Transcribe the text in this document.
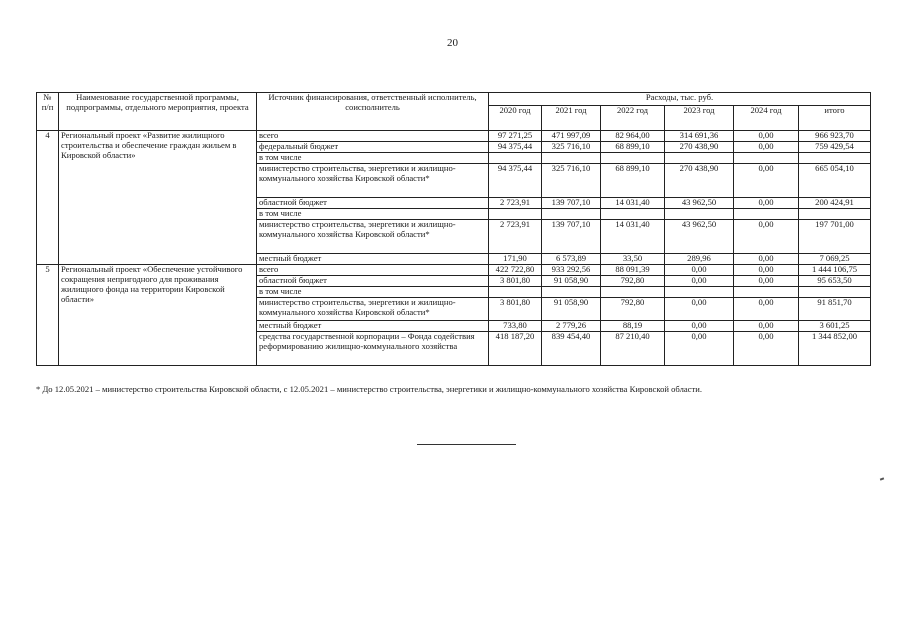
20
№ п/п	Наименование государственной программы, подпрограммы, отдельного мероприятия, проекта	Источник финансирования, ответственный исполнитель, соисполнитель	Расходы, тыс. руб.					
			2020 год	2021 год	2022 год	2023 год	2024 год	итого
4	Региональный проект «Развитие жилищного строительства и обеспечение граждан жильем в Кировской области»	всего	97 271,25	471 997,09	82 964,00	314 691,36	0,00	966 923,70
		федеральный бюджет	94 375,44	325 716,10	68 899,10	270 438,90	0,00	759 429,54
		в том числе						
		министерство строительства, энергетики и жилищно-коммунального хозяйства Кировской области*	94 375,44	325 716,10	68 899,10	270 438,90	0,00	665 054,10
		областной бюджет	2 723,91	139 707,10	14 031,40	43 962,50	0,00	200 424,91
		в том числе						
		министерство строительства, энергетики и жилищно-коммунального хозяйства Кировской области*	2 723,91	139 707,10	14 031,40	43 962,50	0,00	197 701,00
		местный бюджет	171,90	6 573,89	33,50	289,96	0,00	7 069,25
5	Региональный проект «Обеспечение устойчивого сокращения непригодного для проживания жилищного фонда на территории Кировской области»	всего	422 722,80	933 292,56	88 091,39	0,00	0,00	1 444 106,75
		областной бюджет	3 801,80	91 058,90	792,80	0,00	0,00	95 653,50
		в том числе						
		министерство строительства, энергетики и жилищно-коммунального хозяйства Кировской области*	3 801,80	91 058,90	792,80	0,00	0,00	91 851,70
		местный бюджет	733,80	2 779,26	88,19	0,00	0,00	3 601,25
		средства государственной корпорации – Фонда содействия реформированию жилищно-коммунального хозяйства	418 187,20	839 454,40	87 210,40	0,00	0,00	1 344 852,00
* До 12.05.2021 – министерство строительства Кировской области, с 12.05.2021 – министерство строительства, энергетики и жилищно-коммунального хозяйства Кировской области.
